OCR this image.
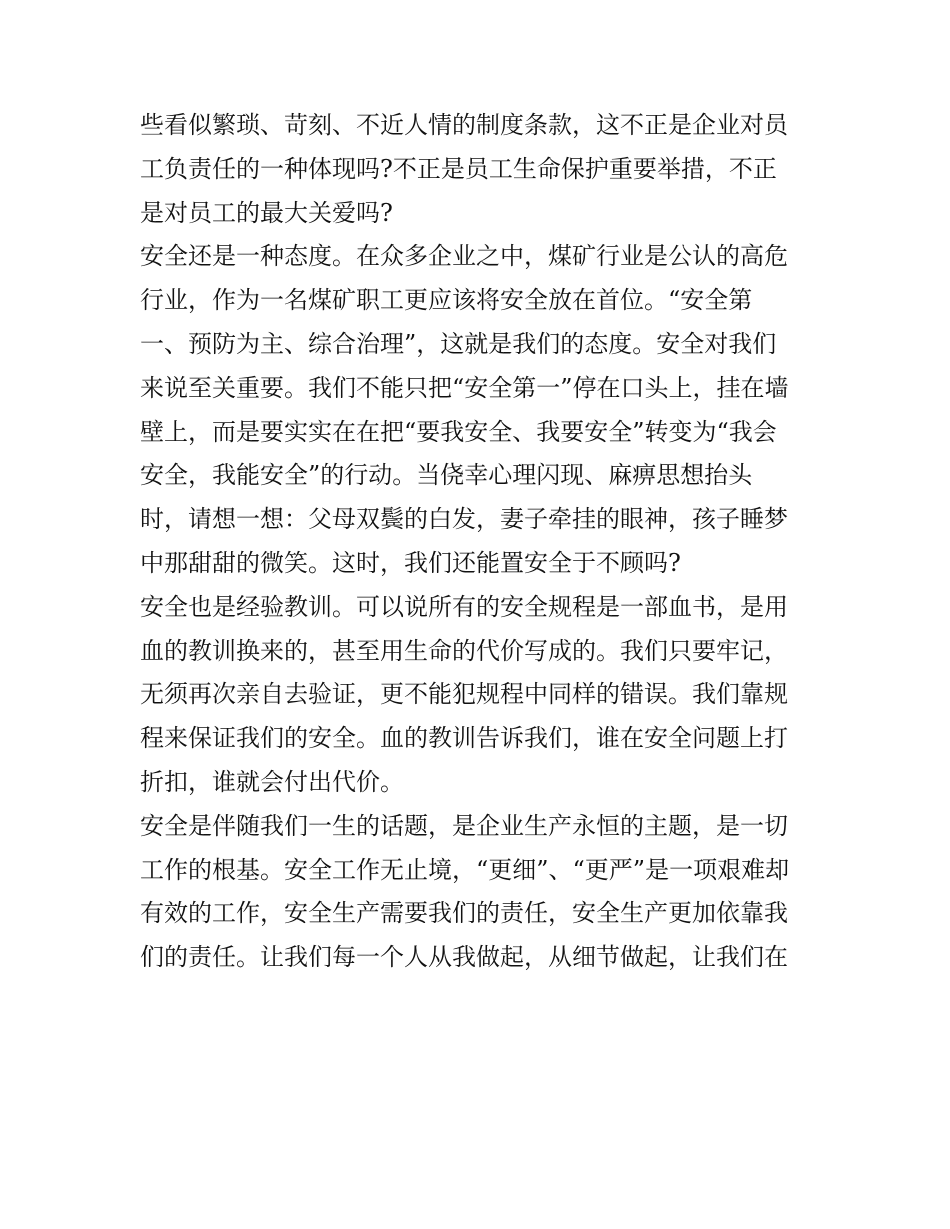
些看似繁琐、苛刻、不近人情的制度条款，这不正是企业对员
工负责任的一种体现吗?不正是员工生命保护重要举措，不正
是对员工的最大关爱吗?
安全还是一种态度。在众多企业之中，煤矿行业是公认的高危
行业，作为一名煤矿职工更应该将安全放在首位。“安全第
一、预防为主、综合治理”，这就是我们的态度。安全对我们
来说至关重要。我们不能只把“安全第一”停在口头上，挂在墙
壁上，而是要实实在在把“要我安全、我要安全”转变为“我会
安全，我能安全”的行动。当侥幸心理闪现、麻痹思想抬头
时，请想一想：父母双鬓的白发，妻子牵挂的眼神，孩子睡梦
中那甜甜的微笑。这时，我们还能置安全于不顾吗?
安全也是经验教训。可以说所有的安全规程是一部血书，是用
血的教训换来的，甚至用生命的代价写成的。我们只要牢记，
无须再次亲自去验证，更不能犯规程中同样的错误。我们靠规
程来保证我们的安全。血的教训告诉我们，谁在安全问题上打
折扣，谁就会付出代价。
安全是伴随我们一生的话题，是企业生产永恒的主题，是一切
工作的根基。安全工作无止境，“更细”、“更严”是一项艰难却
有效的工作，安全生产需要我们的责任，安全生产更加依靠我
们的责任。让我们每一个人从我做起，从细节做起，让我们在
